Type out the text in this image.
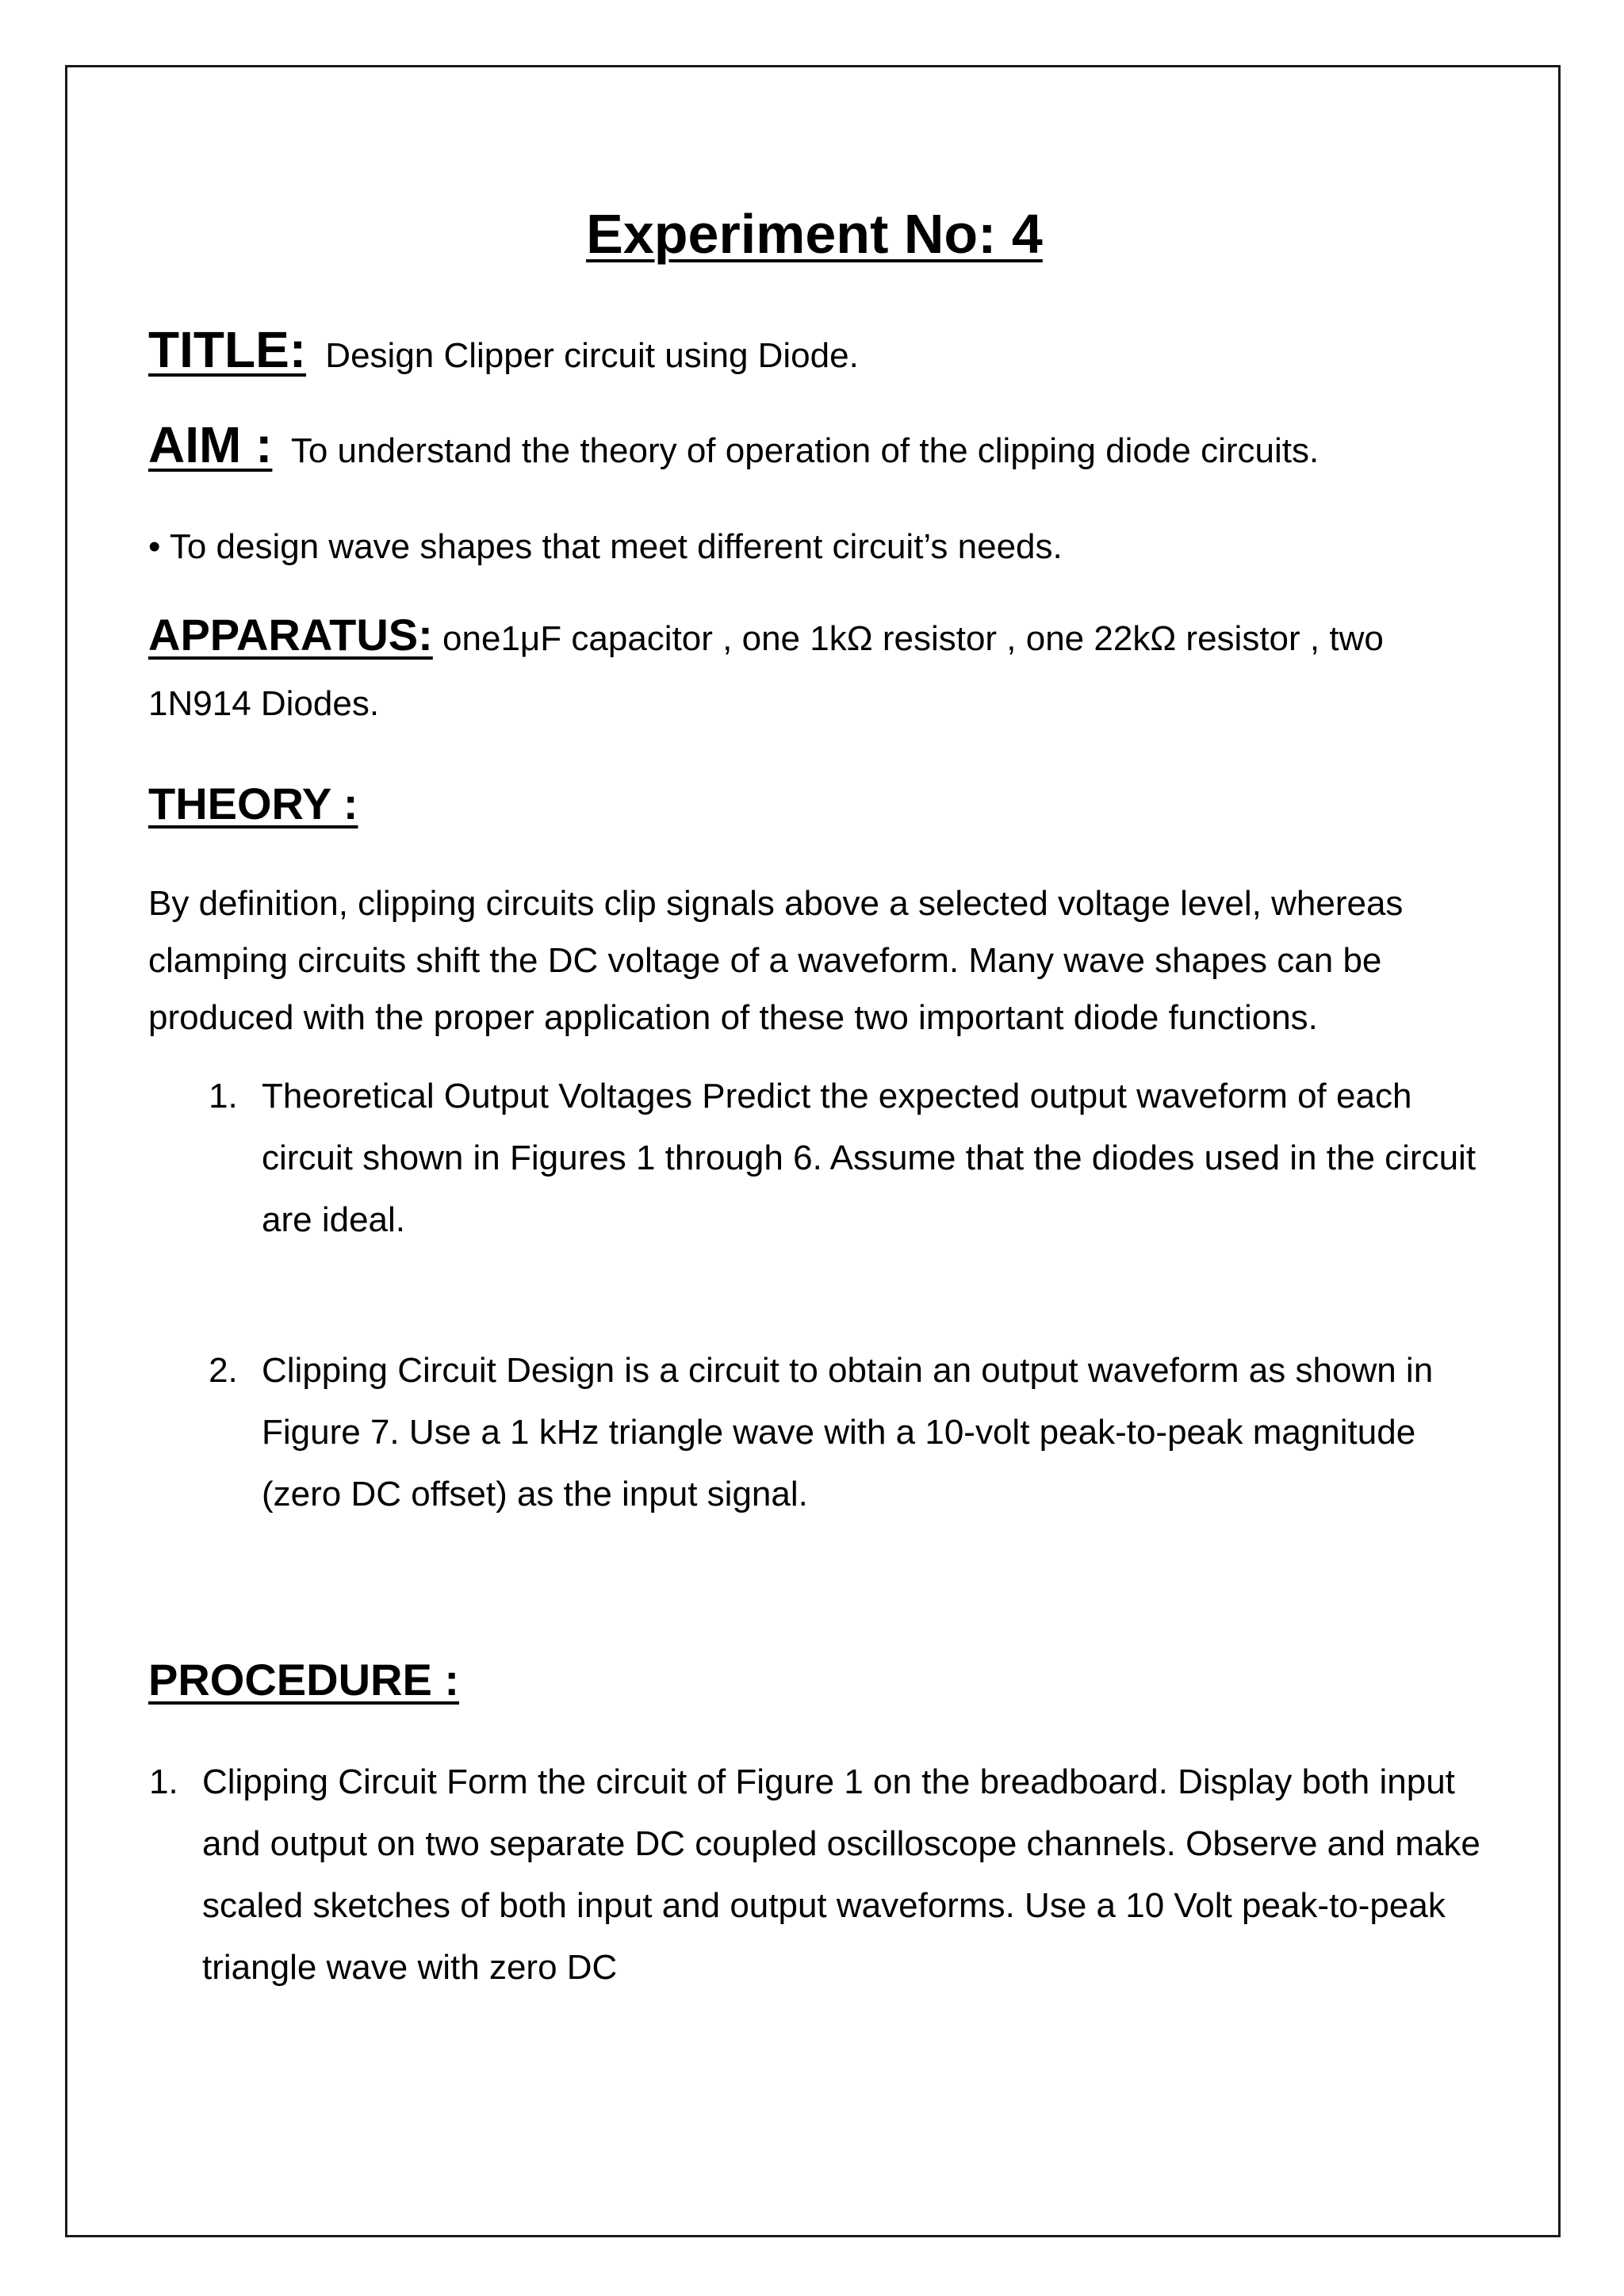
Experiment No: 4
TITLE: Design Clipper circuit using Diode.
AIM : To understand the theory of operation of the clipping diode circuits.
• To design wave shapes that meet different circuit’s needs.
APPARATUS: one1μF capacitor , one 1kΩ resistor , one 22kΩ resistor , two 1N914 Diodes.
THEORY :
By definition, clipping circuits clip signals above a selected voltage level, whereas clamping circuits shift the DC voltage of a waveform. Many wave shapes can be produced with the proper application of these two important diode functions.
1. Theoretical Output Voltages Predict the expected output waveform of each circuit shown in Figures 1 through 6. Assume that the diodes used in the circuit are ideal.
2. Clipping Circuit Design is a circuit to obtain an output waveform as shown in Figure 7. Use a 1 kHz triangle wave with a 10-volt peak-to-peak magnitude (zero DC offset) as the input signal.
PROCEDURE :
1. Clipping Circuit Form the circuit of Figure 1 on the breadboard. Display both input and output on two separate DC coupled oscilloscope channels. Observe and make scaled sketches of both input and output waveforms. Use a 10 Volt peak-to-peak triangle wave with zero DC
